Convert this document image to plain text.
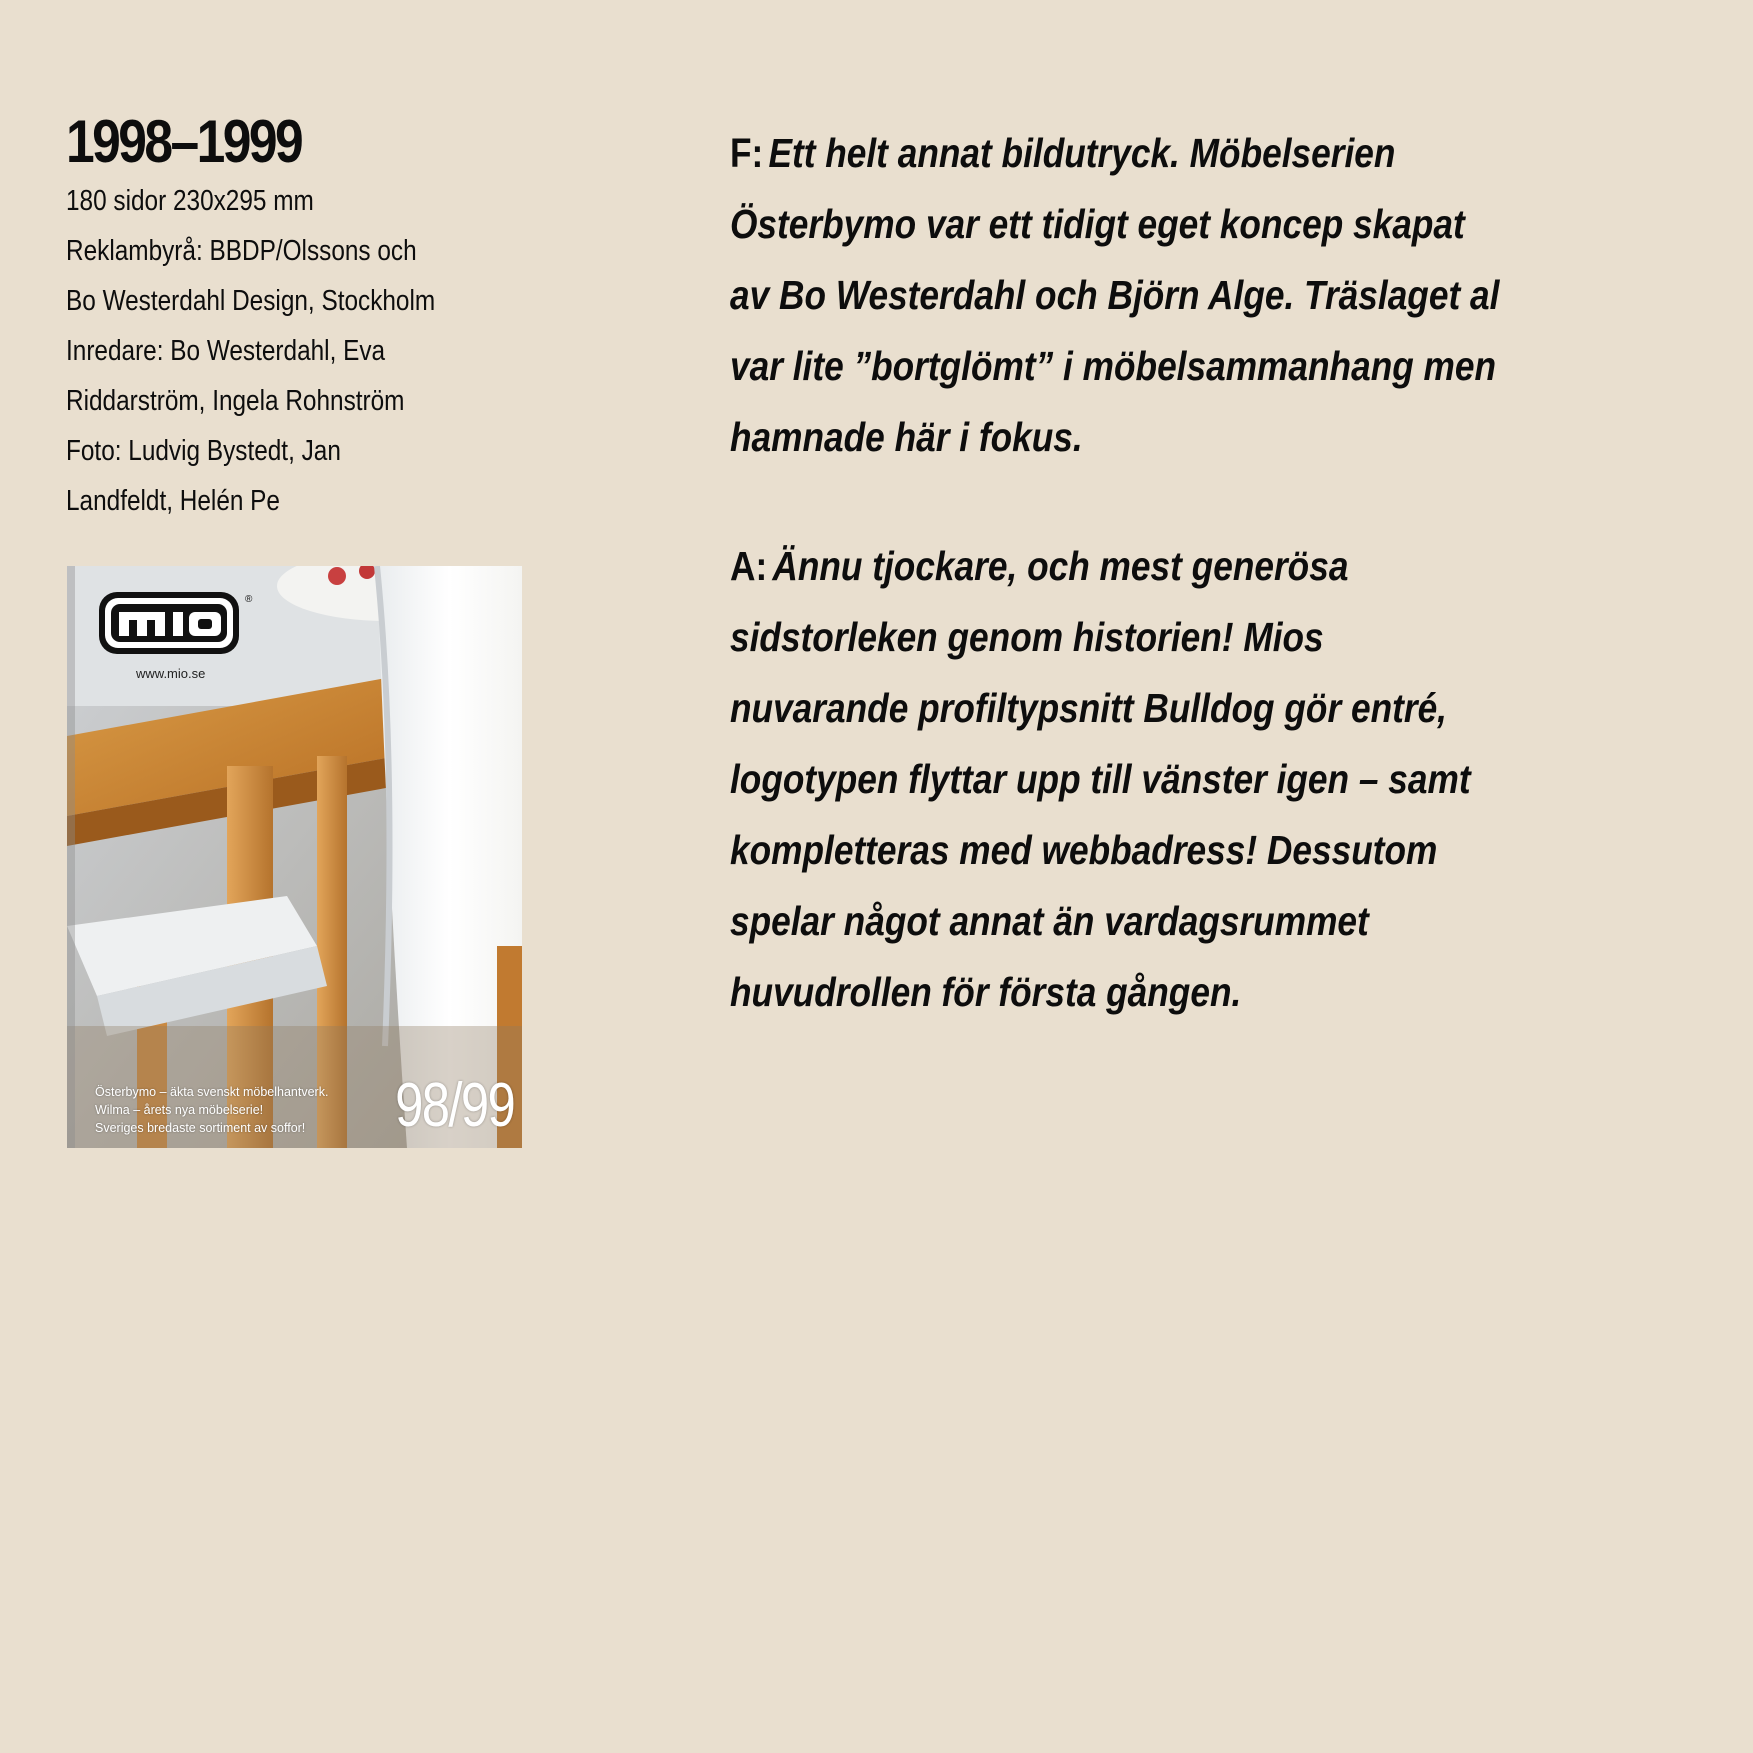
1998–1999
180 sidor 230x295 mm
Reklambyrå: BBDP/Olssons och
Bo Westerdahl Design, Stockholm
Inredare: Bo Westerdahl, Eva
Riddarström, Ingela Rohnström
Foto: Ludvig Bystedt, Jan
Landfeldt, Helén Pe
®
www.mio.se
Österbymo – äkta svenskt möbelhantverk.
Wilma – årets nya möbelserie!
Sveriges bredaste sortiment av soffor!	98/99
F: Ett helt annat bildutryck. Möbelserien
Österbymo var ett tidigt eget koncep skapat
av Bo Westerdahl och Björn Alge. Träslaget al
var lite ”bortglömt” i möbelsammanhang men
hamnade här i fokus.
A: Ännu tjockare, och mest generösa
sidstorleken genom historien! Mios
nuvarande profiltypsnitt Bulldog gör entré,
logotypen flyttar upp till vänster igen – samt
kompletteras med webbadress! Dessutom
spelar något annat än vardagsrummet
huvudrollen för första gången.
